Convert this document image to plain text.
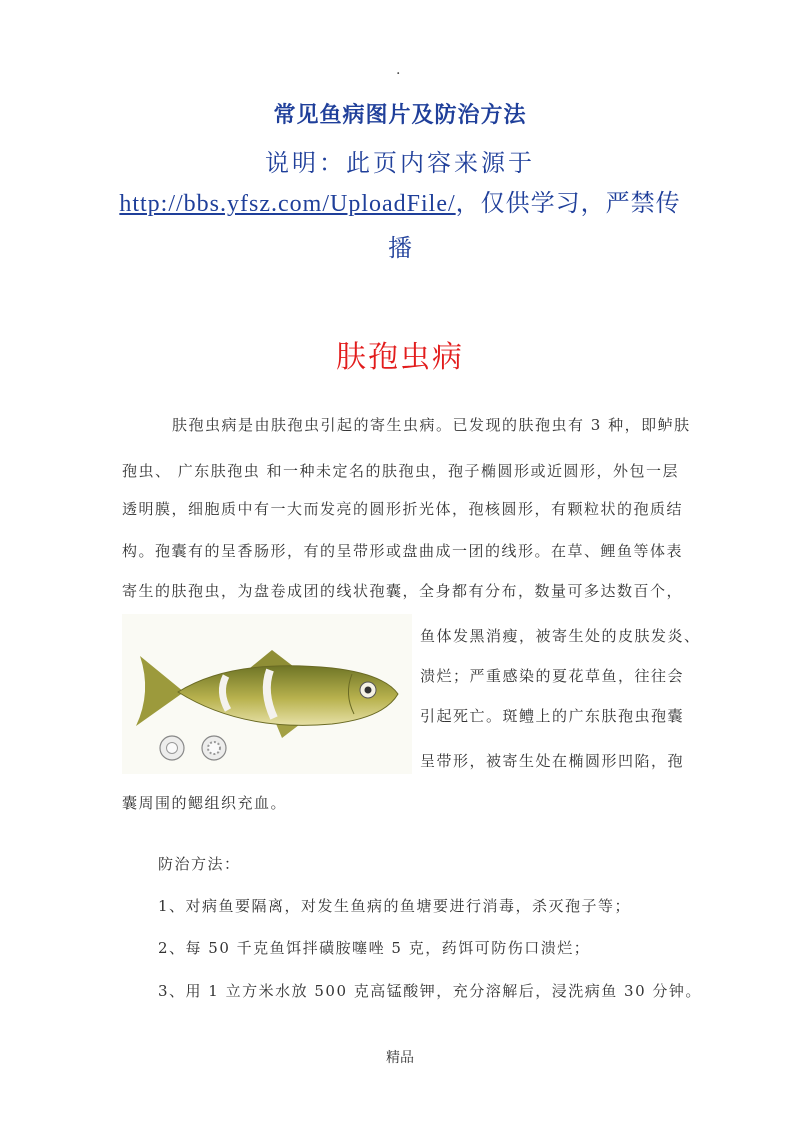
.
常见鱼病图片及防治方法
说明：此页内容来源于
http://bbs.yfsz.com/UploadFile/，仅供学习，严禁传
播
肤孢虫病
肤孢虫病是由肤孢虫引起的寄生虫病。已发现的肤孢虫有 3 种，即鲈肤
孢虫、 广东肤孢虫 和一种未定名的肤孢虫，孢子椭圆形或近圆形，外包一层
透明膜，细胞质中有一大而发亮的圆形折光体，孢核圆形，有颗粒状的孢质结
构。孢囊有的呈香肠形，有的呈带形或盘曲成一团的线形。在草、鲤鱼等体表
寄生的肤孢虫，为盘卷成团的线状孢囊，全身都有分布，数量可多达数百个，
鱼体发黑消瘦，被寄生处的皮肤发炎、
溃烂；严重感染的夏花草鱼，往往会
引起死亡。斑鳢上的广东肤孢虫孢囊
呈带形，被寄生处在椭圆形凹陷，孢
囊周围的鳃组织充血。
防治方法：
1、对病鱼要隔离，对发生鱼病的鱼塘要进行消毒，杀灭孢子等；
2、每 50 千克鱼饵拌磺胺噻唑 5 克，药饵可防伤口溃烂；
3、用 1 立方米水放 500 克高锰酸钾，充分溶解后，浸洗病鱼 30 分钟。
精品
